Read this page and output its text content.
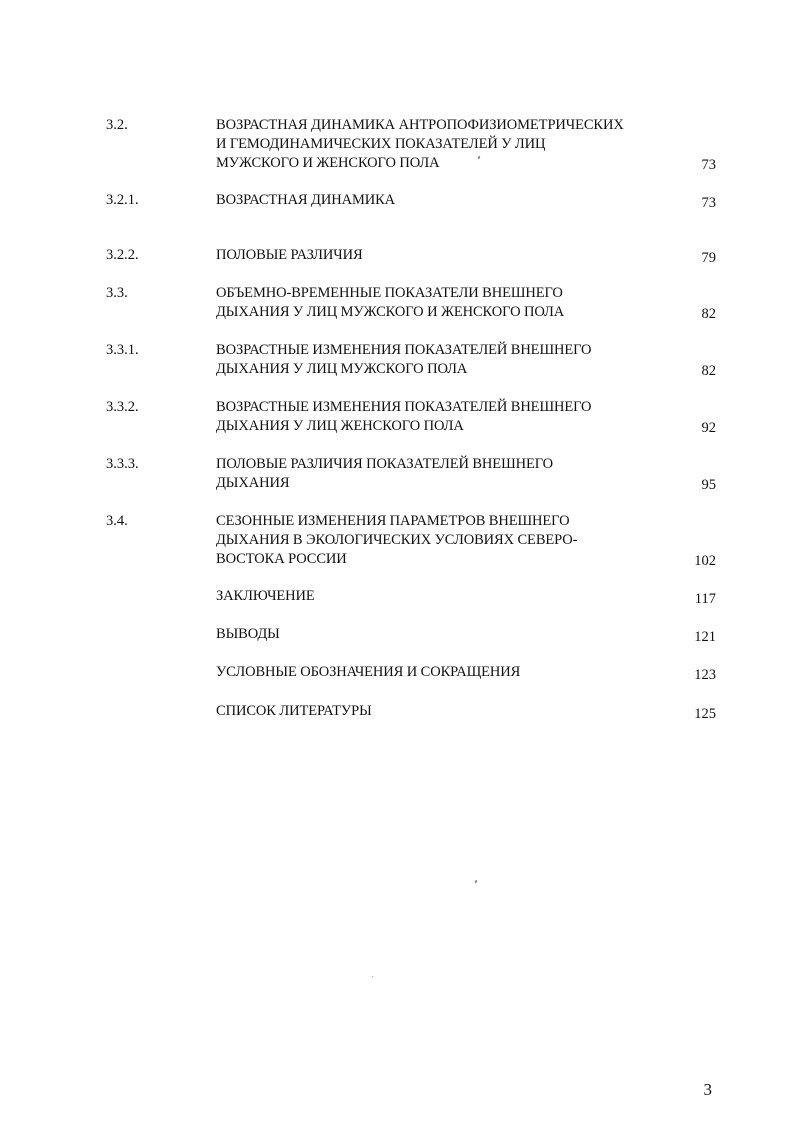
3.2.	ВОЗРАСТНАЯ ДИНАМИКА АНТРОПОФИЗИОМЕТРИЧЕСКИХ
И ГЕМОДИНАМИЧЕСКИХ ПОКАЗАТЕЛЕЙ У ЛИЦ
МУЖСКОГО И ЖЕНСКОГО ПОЛА	73
3.2.1.	ВОЗРАСТНАЯ ДИНАМИКА	73
3.2.2.	ПОЛОВЫЕ РАЗЛИЧИЯ	79
3.3.	ОБЪЕМНО-ВРЕМЕННЫЕ ПОКАЗАТЕЛИ ВНЕШНЕГО
ДЫХАНИЯ У ЛИЦ МУЖСКОГО И ЖЕНСКОГО ПОЛА	82
3.3.1.	ВОЗРАСТНЫЕ ИЗМЕНЕНИЯ ПОКАЗАТЕЛЕЙ ВНЕШНЕГО
ДЫХАНИЯ У ЛИЦ МУЖСКОГО ПОЛА	82
3.3.2.	ВОЗРАСТНЫЕ ИЗМЕНЕНИЯ ПОКАЗАТЕЛЕЙ ВНЕШНЕГО
ДЫХАНИЯ У ЛИЦ ЖЕНСКОГО ПОЛА	92
3.3.3.	ПОЛОВЫЕ РАЗЛИЧИЯ ПОКАЗАТЕЛЕЙ ВНЕШНЕГО
ДЫХАНИЯ	95
3.4.	СЕЗОННЫЕ ИЗМЕНЕНИЯ ПАРАМЕТРОВ ВНЕШНЕГО
ДЫХАНИЯ В ЭКОЛОГИЧЕСКИХ УСЛОВИЯХ СЕВЕРО-
ВОСТОКА РОССИИ	102
ЗАКЛЮЧЕНИЕ	117
ВЫВОДЫ	121
УСЛОВНЫЕ ОБОЗНАЧЕНИЯ И СОКРАЩЕНИЯ	123
СПИСОК ЛИТЕРАТУРЫ	125
3
